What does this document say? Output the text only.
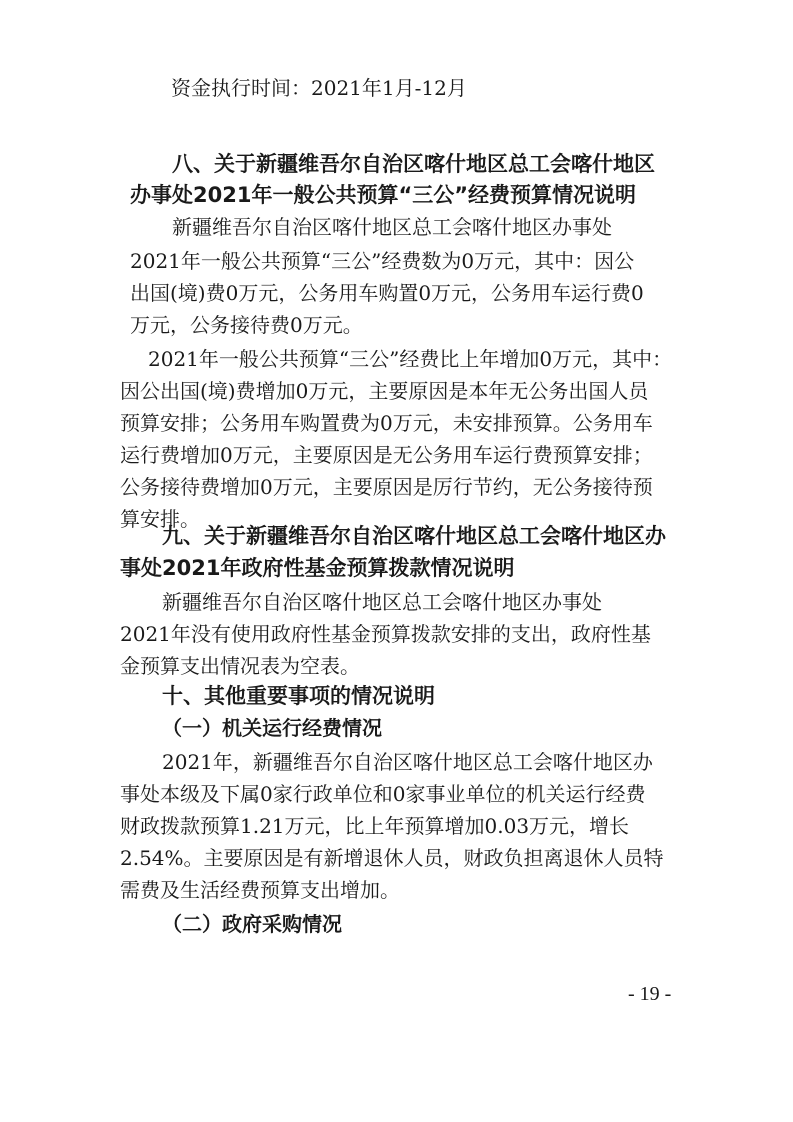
资金执行时间：2021年1月-12月
八、关于新疆维吾尔自治区喀什地区总工会喀什地区
办事处2021年一般公共预算“三公”经费预算情况说明
新疆维吾尔自治区喀什地区总工会喀什地区办事处
2021年一般公共预算“三公”经费数为0万元，其中：因公
出国(境)费0万元，公务用车购置0万元，公务用车运行费0
万元，公务接待费0万元。
2021年一般公共预算“三公”经费比上年增加0万元，其中：
因公出国(境)费增加0万元，主要原因是本年无公务出国人员
预算安排；公务用车购置费为0万元，未安排预算。公务用车
运行费增加0万元，主要原因是无公务用车运行费预算安排；
公务接待费增加0万元，主要原因是厉行节约，无公务接待预
算安排。
九、关于新疆维吾尔自治区喀什地区总工会喀什地区办
事处2021年政府性基金预算拨款情况说明
新疆维吾尔自治区喀什地区总工会喀什地区办事处
2021年没有使用政府性基金预算拨款安排的支出，政府性基
金预算支出情况表为空表。
十、其他重要事项的情况说明
（一）机关运行经费情况
2021年，新疆维吾尔自治区喀什地区总工会喀什地区办
事处本级及下属0家行政单位和0家事业单位的机关运行经费
财政拨款预算1.21万元，比上年预算增加0.03万元，增长
2.54%。主要原因是有新增退休人员，财政负担离退休人员特
需费及生活经费预算支出增加。
（二）政府采购情况
- 19 -
